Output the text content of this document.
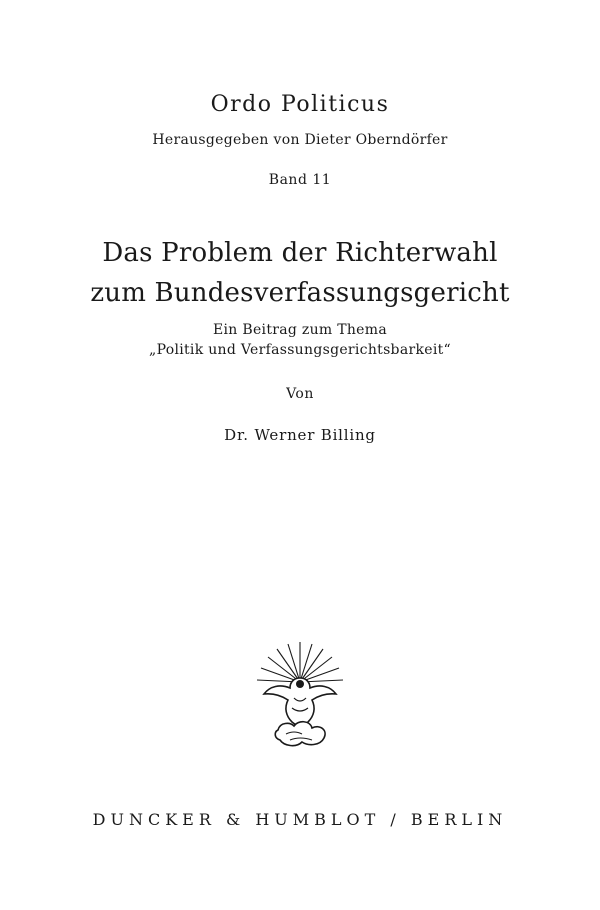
Ordo Politicus
Herausgegeben von Dieter Oberndörfer
Band 11
Das Problem der Richterwahl
zum Bundesverfassungsgericht
Ein Beitrag zum Thema
„Politik und Verfassungsgerichtsbarkeit“
Von
Dr. Werner Billing
DUNCKER & HUMBLOT / BERLIN
